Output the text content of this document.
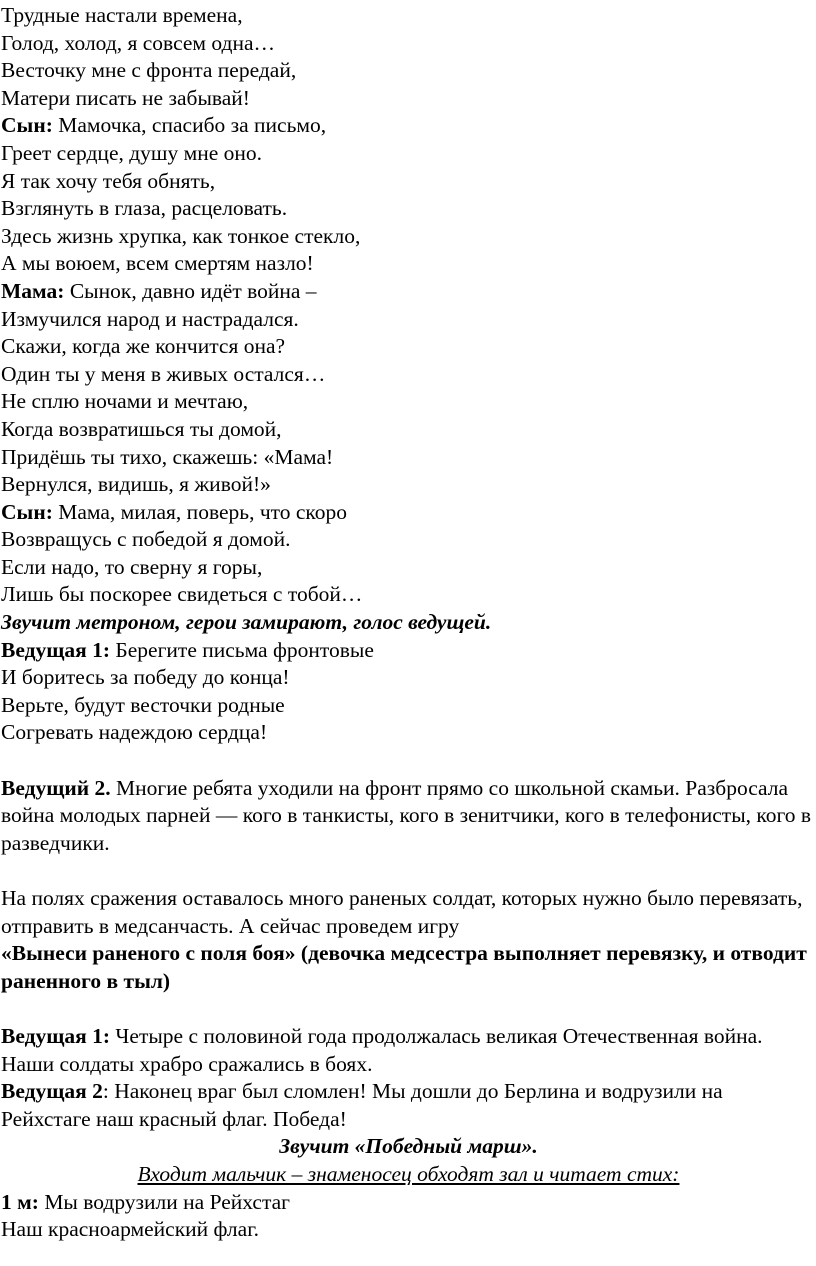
Трудные настали времена,
Голод, холод, я совсем одна…
Весточку мне с фронта передай,
Матери писать не забывай!
Сын: Мамочка, спасибо за письмо,
Греет сердце, душу мне оно.
Я так хочу тебя обнять,
Взглянуть в глаза, расцеловать.
Здесь жизнь хрупка, как тонкое стекло,
А мы воюем, всем смертям назло!
Мама: Сынок, давно идёт война –
Измучился народ и настрадался.
Скажи, когда же кончится она?
Один ты у меня в живых остался…
Не сплю ночами и мечтаю,
Когда возвратишься ты домой,
Придёшь ты тихо, скажешь: «Мама!
Вернулся, видишь, я живой!»
Сын: Мама, милая, поверь, что скоро
Возвращусь с победой я домой.
Если надо, то сверну я горы,
Лишь бы поскорее свидеться с тобой…
Звучит метроном, герои замирают, голос ведущей.
Ведущая 1: Берегите письма фронтовые
И боритесь за победу до конца!
Верьте, будут весточки родные
Согревать надеждою сердца!
Ведущий 2. Многие ребята уходили на фронт прямо со школьной скамьи. Разбросала война молодых парней — кого в танкисты, кого в зенитчики, кого в телефонисты, кого в разведчики.
На полях сражения оставалось много раненых солдат, которых нужно было перевязать, отправить в медсанчасть. А сейчас проведем игру
«Вынеси раненого с поля боя» (девочка медсестра выполняет перевязку, и отводит раненного в тыл)
Ведущая 1: Четыре с половиной года продолжалась великая Отечественная война. Наши солдаты храбро сражались в боях.
Ведущая 2: Наконец враг был сломлен! Мы дошли до Берлина и водрузили на Рейхстаге наш красный флаг. Победа!
Звучит «Победный марш».
Входит мальчик – знаменосец обходят зал и читает стих:
1 м: Мы водрузили на Рейхстаг
Наш красноармейский флаг.
